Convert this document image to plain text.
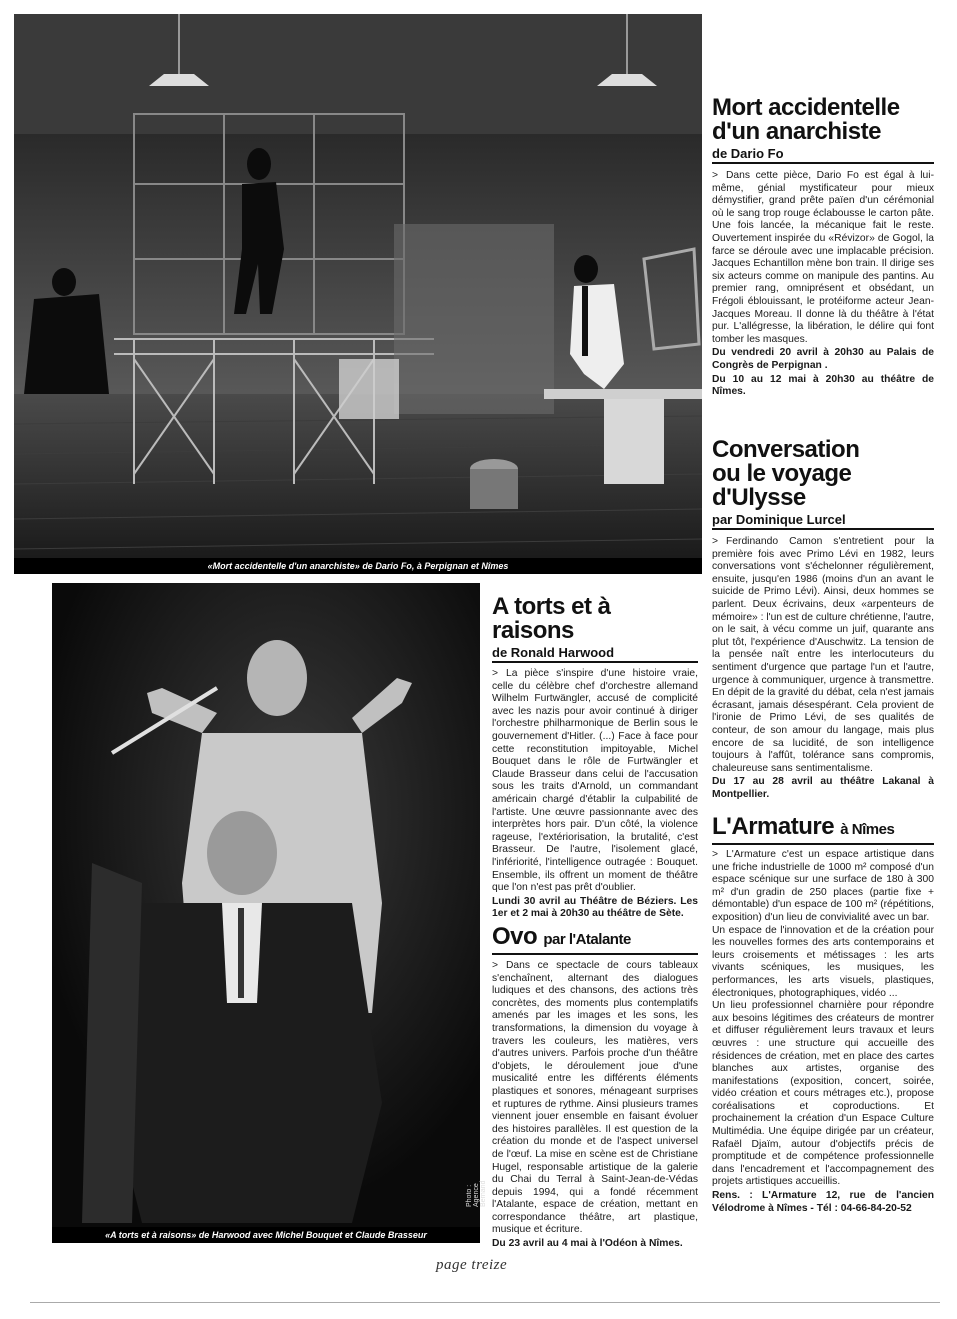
«Mort accidentelle d'un anarchiste» de Dario Fo, à Perpignan et Nîmes
«A torts et à raisons» de Harwood avec Michel Bouquet et Claude Brasseur
Photo : Agence Bernand
Mort accidentelle
d'un anarchiste
de Dario Fo

> Dans cette pièce, Dario Fo est égal à lui-même, génial mystificateur pour mieux démystifier, grand prête païen d'un cérémonial où le sang trop rouge éclabousse le carton pâte. Une fois lancée, la mécanique fait le reste. Ouvertement inspirée du «Révizor» de Gogol, la farce se déroule avec une implacable précision. Jacques Echantillon mène bon train. Il dirige ses six acteurs comme on manipule des pantins. Au premier rang, omniprésent et obsédant, un Frégoli éblouissant, le protéiforme acteur Jean-Jacques Moreau. Il donne là du théâtre à l'état pur. L'allégresse, la libération, le délire qui font tomber les masques.

Du vendredi 20 avril à 20h30 au Palais de Congrès de Perpignan .
Du 10 au 12 mai à 20h30 au théâtre de Nîmes.
Conversation
ou le voyage d'Ulysse
par Dominique Lurcel

> Ferdinando Camon s'entretient pour la première fois avec Primo Lévi en 1982, leurs conversations vont s'échelonner régulièrement, ensuite, jusqu'en 1986 (moins d'un an avant le suicide de Primo Lévi). Ainsi, deux hommes se parlent. Deux écrivains, deux «arpenteurs de mémoire» : l'un est de culture chrétienne, l'autre, on le sait, à vécu comme un juif, quarante ans plut tôt, l'expérience d'Auschwitz. La tension de la pensée naît entre les interlocuteurs du sentiment d'urgence que partage l'un et l'autre, urgence à communiquer, urgence à transmettre. En dépit de la gravité du débat, cela n'est jamais écrasant, jamais désespérant. Cela provient de l'ironie de Primo Lévi, de ses qualités de conteur, de son amour du langage, mais plus encore de sa lucidité, de son intelligence toujours à l'affût, tolérance sans compromis, chaleureuse sans sentimentalisme.

Du 17 au 28 avril au théâtre Lakanal à Montpellier.
L'Armature à Nîmes

> L'Armature c'est un espace artistique dans une friche industrielle de 1000 m² composé d'un espace scénique sur une surface de 180 à 300 m² d'un gradin de 250 places (partie fixe + démontable) d'un espace de 100 m² (répétitions, exposition) d'un lieu de convivialité avec un bar.

Un espace de l'innovation et de la création pour les nouvelles formes des arts contemporains et leurs croisements et métissages : les arts vivants scéniques, les musiques, les performances, les arts visuels, plastiques, électroniques, photographiques, vidéo ...

Un lieu professionnel charnière pour répondre aux besoins légitimes des créateurs de montrer et diffuser régulièrement leurs travaux et leurs œuvres : une structure qui accueille des résidences de création, met en place des cartes blanches aux artistes, organise des manifestations (exposition, concert, soirée, vidéo création et cours métrages etc.), propose coréalisations et coproductions. Et prochainement la création d'un Espace Culture Multimédia. Une équipe dirigée par un créateur, Rafaël Djaïm, autour d'objectifs précis de promptitude et de compétence professionnelle dans l'encadrement et l'accompagnement des projets artistiques accueillis.

Rens. : L'Armature 12, rue de l'ancien Vélodrome à Nîmes - Tél : 04-66-84-20-52
A torts et à raisons
de Ronald Harwood

> La pièce s'inspire d'une histoire vraie, celle du célèbre chef d'orchestre allemand Wilhelm Furtwängler, accusé de complicité avec les nazis pour avoir continué à diriger l'orchestre philharmonique de Berlin sous le gouvernement d'Hitler. (...) Face à face pour cette reconstitution impitoyable, Michel Bouquet dans le rôle de Furtwängler et Claude Brasseur dans celui de l'accusation sous les traits d'Arnold, un commandant américain chargé d'établir la culpabilité de l'artiste. Une œuvre passionnante avec des interprètes hors pair. D'un côté, la violence rageuse, l'extériorisation, la brutalité, c'est Brasseur. De l'autre, l'isolement glacé, l'infériorité, l'intelligence outragée : Bouquet. Ensemble, ils offrent un moment de théâtre que l'on n'est pas prêt d'oublier.

Lundi 30 avril au Théâtre de Béziers. Les 1er et 2 mai à 20h30 au théâtre de Sète.
Ovo par l'Atalante

> Dans ce spectacle de cours tableaux s'enchaînent, alternant des dialogues ludiques et des chansons, des actions très concrètes, des moments plus contemplatifs amenés par les images et les sons, les transformations, la dimension du voyage à travers les couleurs, les matières, vers d'autres univers. Parfois proche d'un théâtre d'objets, le déroulement joue d'une musicalité entre les différents éléments plastiques et sonores, ménageant surprises et ruptures de rythme. Ainsi plusieurs trames viennent jouer ensemble en faisant évoluer des histoires parallèles. Il est question de la création du monde et de l'aspect universel de l'œuf. La mise en scène est de Christiane Hugel, responsable artistique de la galerie du Chai du Terral à Saint-Jean-de-Védas depuis 1994, qui a fondé récemment l'Atalante, espace de création, mettant en correspondance théâtre, art plastique, musique et écriture.

Du 23 avril au 4 mai à l'Odéon à Nîmes.
page treize
